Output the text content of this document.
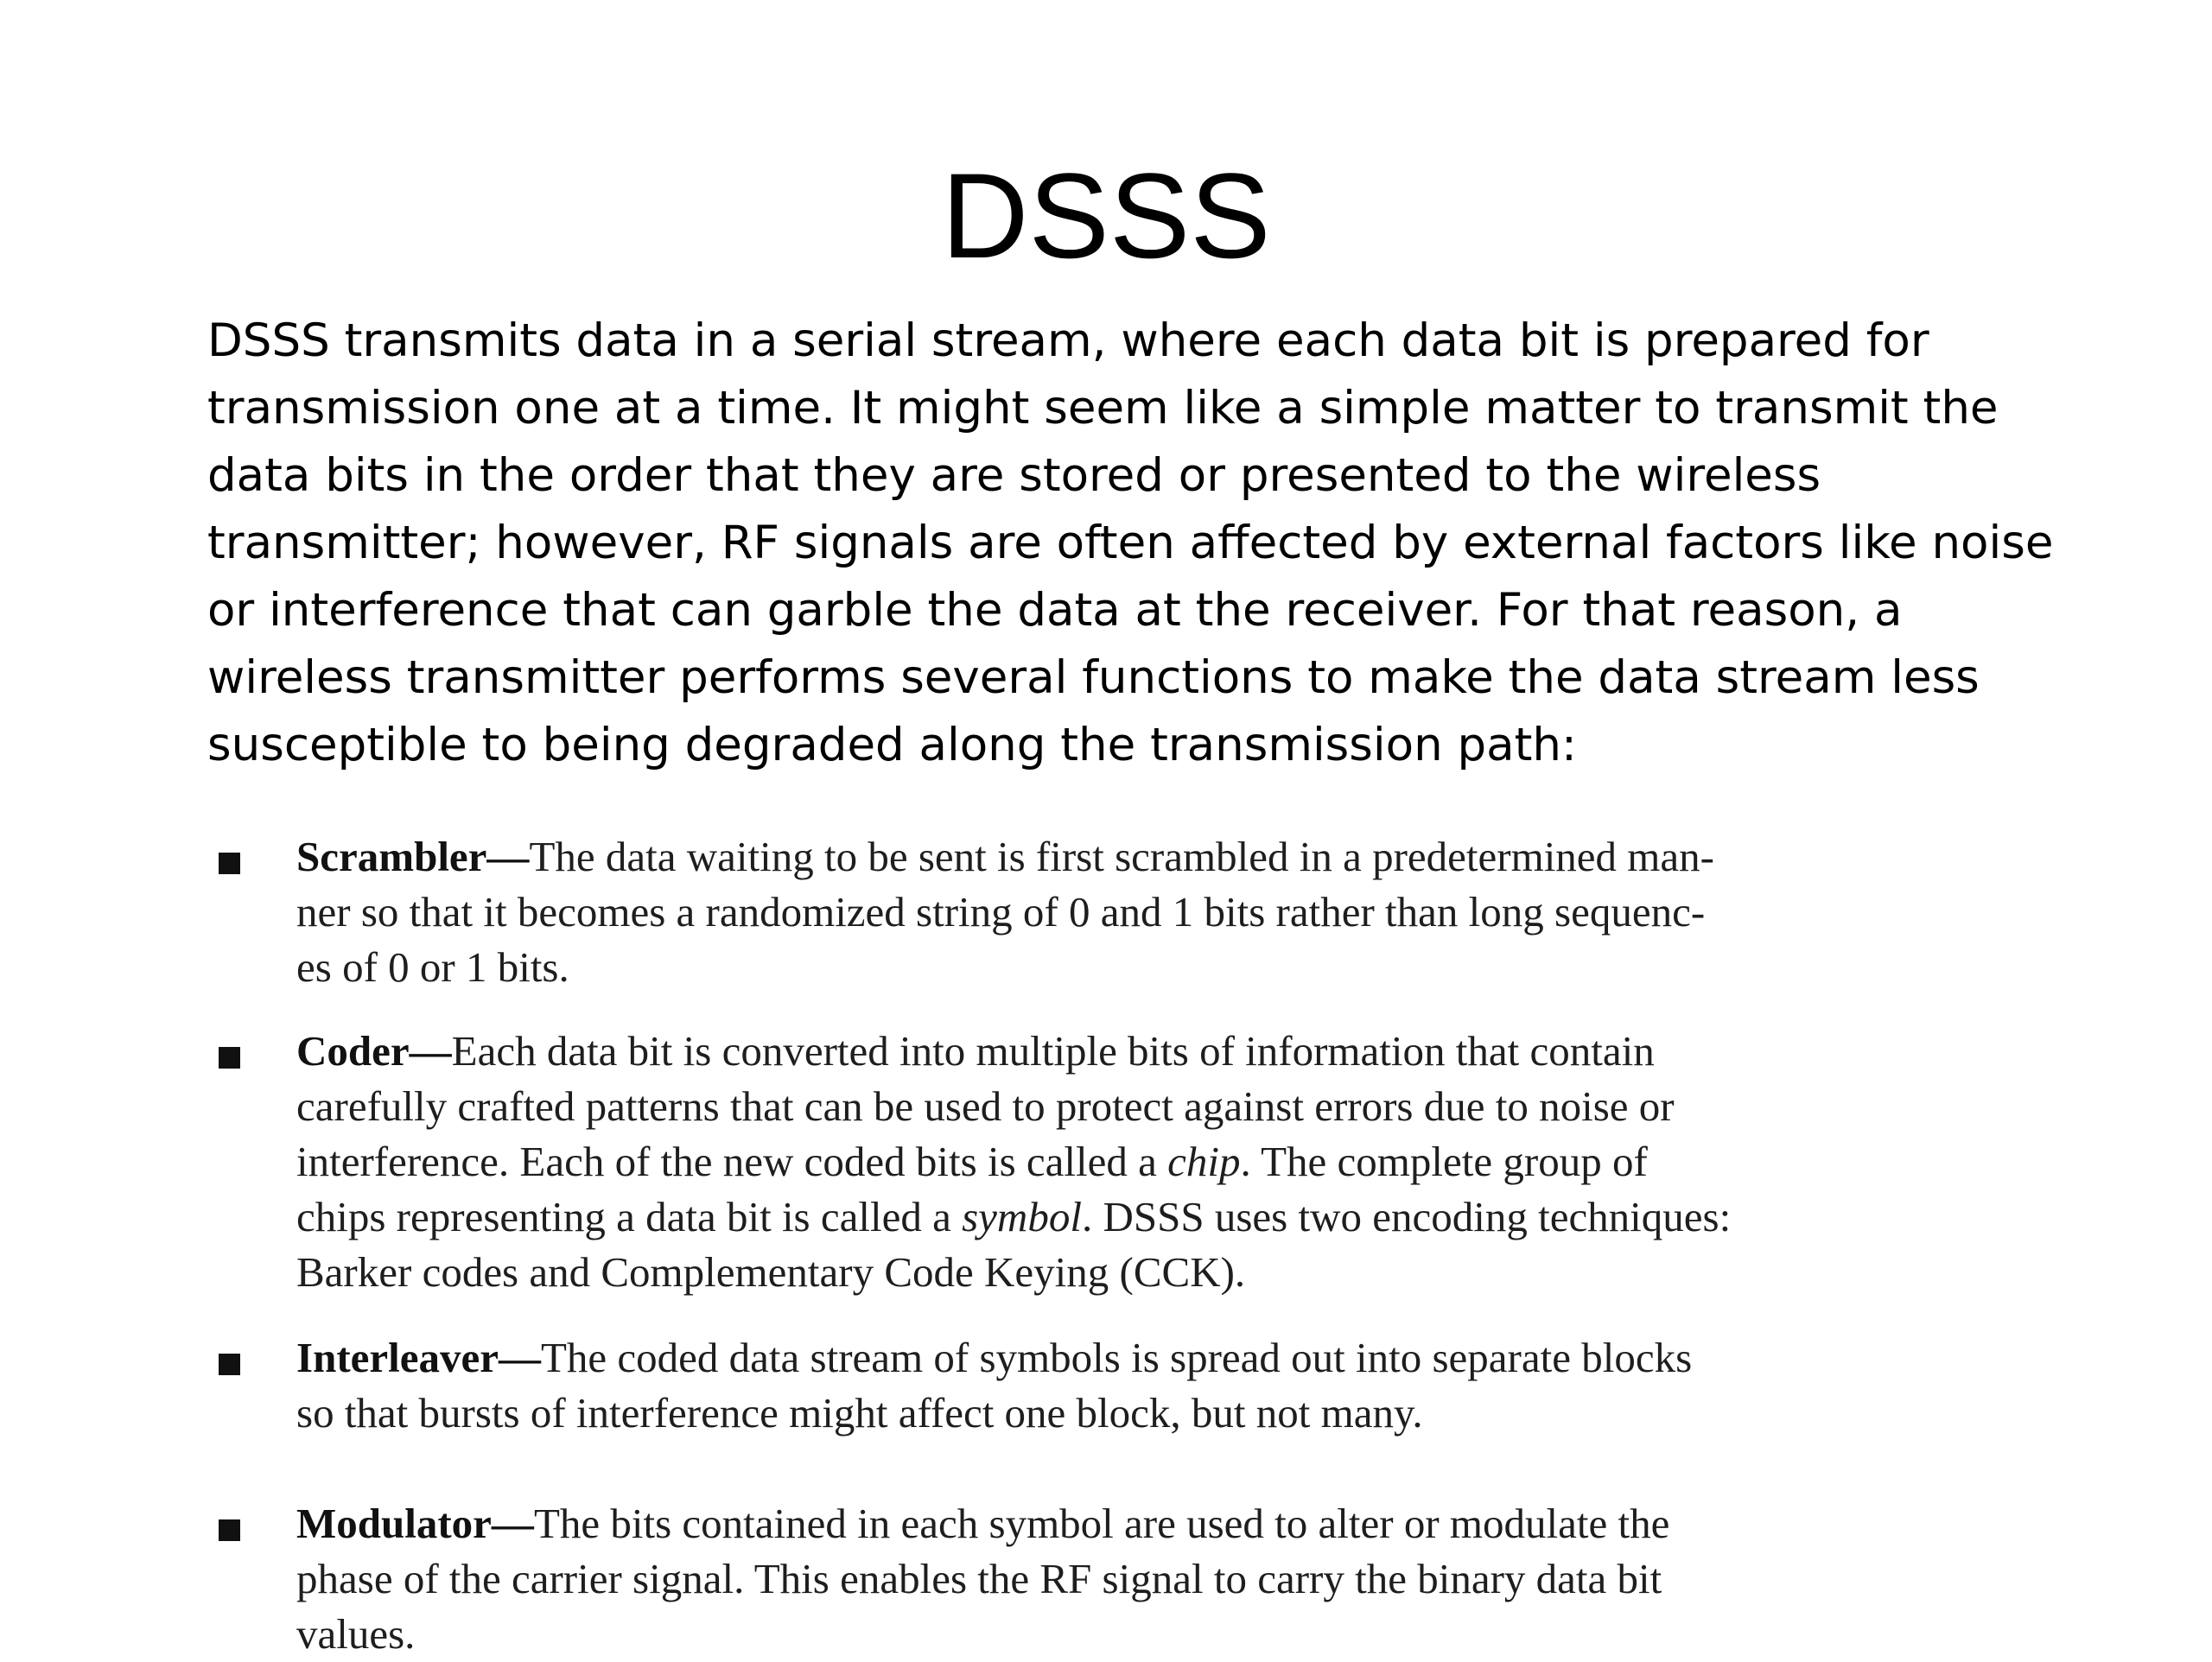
DSSS
DSSS transmits data in a serial stream, where each data bit is prepared for
transmission one at a time. It might seem like a simple matter to transmit the
data bits in the order that they are stored or presented to the wireless
transmitter; however, RF signals are often affected by external factors like noise
or interference that can garble the data at the receiver. For that reason, a
wireless transmitter performs several functions to make the data stream less
susceptible to being degraded along the transmission path:
Scrambler—The data waiting to be sent is first scrambled in a predetermined man-
ner so that it becomes a randomized string of 0 and 1 bits rather than long sequenc-
es of 0 or 1 bits.
Coder—Each data bit is converted into multiple bits of information that contain
carefully crafted patterns that can be used to protect against errors due to noise or
interference. Each of the new coded bits is called a chip. The complete group of
chips representing a data bit is called a symbol. DSSS uses two encoding techniques:
Barker codes and Complementary Code Keying (CCK).
Interleaver—The coded data stream of symbols is spread out into separate blocks
so that bursts of interference might affect one block, but not many.
Modulator—The bits contained in each symbol are used to alter or modulate the
phase of the carrier signal. This enables the RF signal to carry the binary data bit
values.
